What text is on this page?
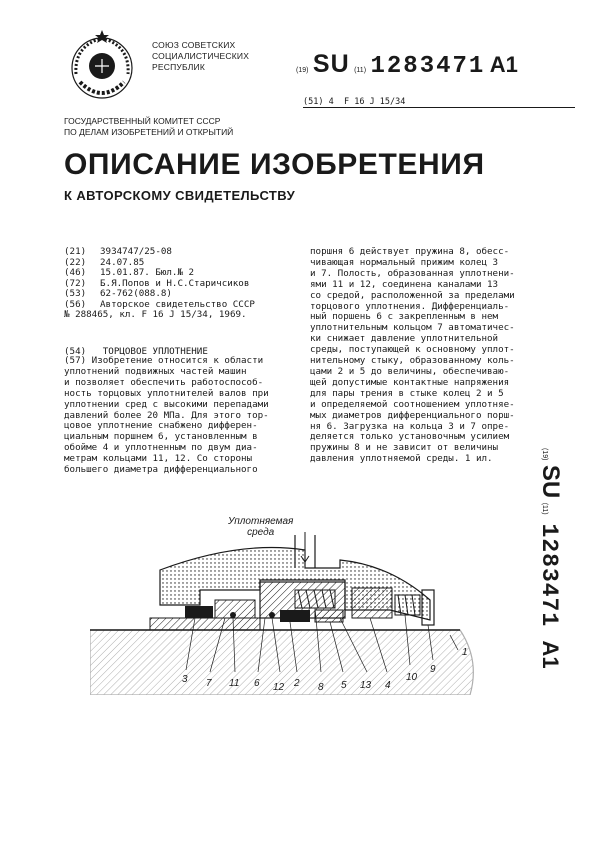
СОЮЗ СОВЕТСКИХ
СОЦИАЛИСТИЧЕСКИХ
РЕСПУБЛИК	(19) SU (11) 1283471 A1
(51) 4 F 16 J 15/34
ГОСУДАРСТВЕННЫЙ КОМИТЕТ СССР
ПО ДЕЛАМ ИЗОБРЕТЕНИЙ И ОТКРЫТИЙ
ОПИСАНИЕ ИЗОБРЕТЕНИЯ
К АВТОРСКОМУ СВИДЕТЕЛЬСТВУ
(21)	3934747/25-08
(22)	24.07.85
(46)	15.01.87. Бюл.№ 2
(72)	Б.Я.Попов и Н.С.Старичсиков
(53)	62-762(088.8)
(56)	Авторское свидетельство СССР
№ 288465, кл. F 16 J 15/34, 1969.
(54) ТОРЦОВОЕ УПЛОТНЕНИЕ

(57) Изобретение относится к области

уплотнений подвижных частей машин

и позволяет обеспечить работоспособ-

ность торцовых уплотнителей валов при

уплотнении сред с высокими перепадами

давлений более 20 МПа. Для этого тор-

цовое уплотнение снабжено дифферен-

циальным поршнем 6, установленным в

обойме 4 и уплотненным по двум диа-

метрам кольцами 11, 12. Со стороны

большего диаметра дифференциального

поршня 6 действует пружина 8, обесс-

чивающая нормальный прижим колец 3

и 7. Полость, образованная уплотнени-

ями 11 и 12, соединена каналами 13

со средой, расположенной за пределами

торцового уплотнения. Дифференциаль-

ный поршень 6 с закрепленным в нем

уплотнительным кольцом 7 автоматичес-

ки снижает давление уплотнительной

среды, поступающей к основному уплот-

нительному стыку, образованному коль-

цами 2 и 5 до величины, обеспечиваю-

щей допустимые контактные напряжения

для пары трения в стыке колец 2 и 5

и определяемой соотношением уплотняе-

мых диаметров дифференциального порш-

ня 6. Загрузка на кольца 3 и 7 опре-

деляется только установочным усилием

пружины 8 и не зависит от величины

давления уплотняемой среды. 1 ил.	(19) SU (11)  1283471   A1
Уплотняемая
среда
3 7 11 6 12 2 8 5 13 4
10
9
1
